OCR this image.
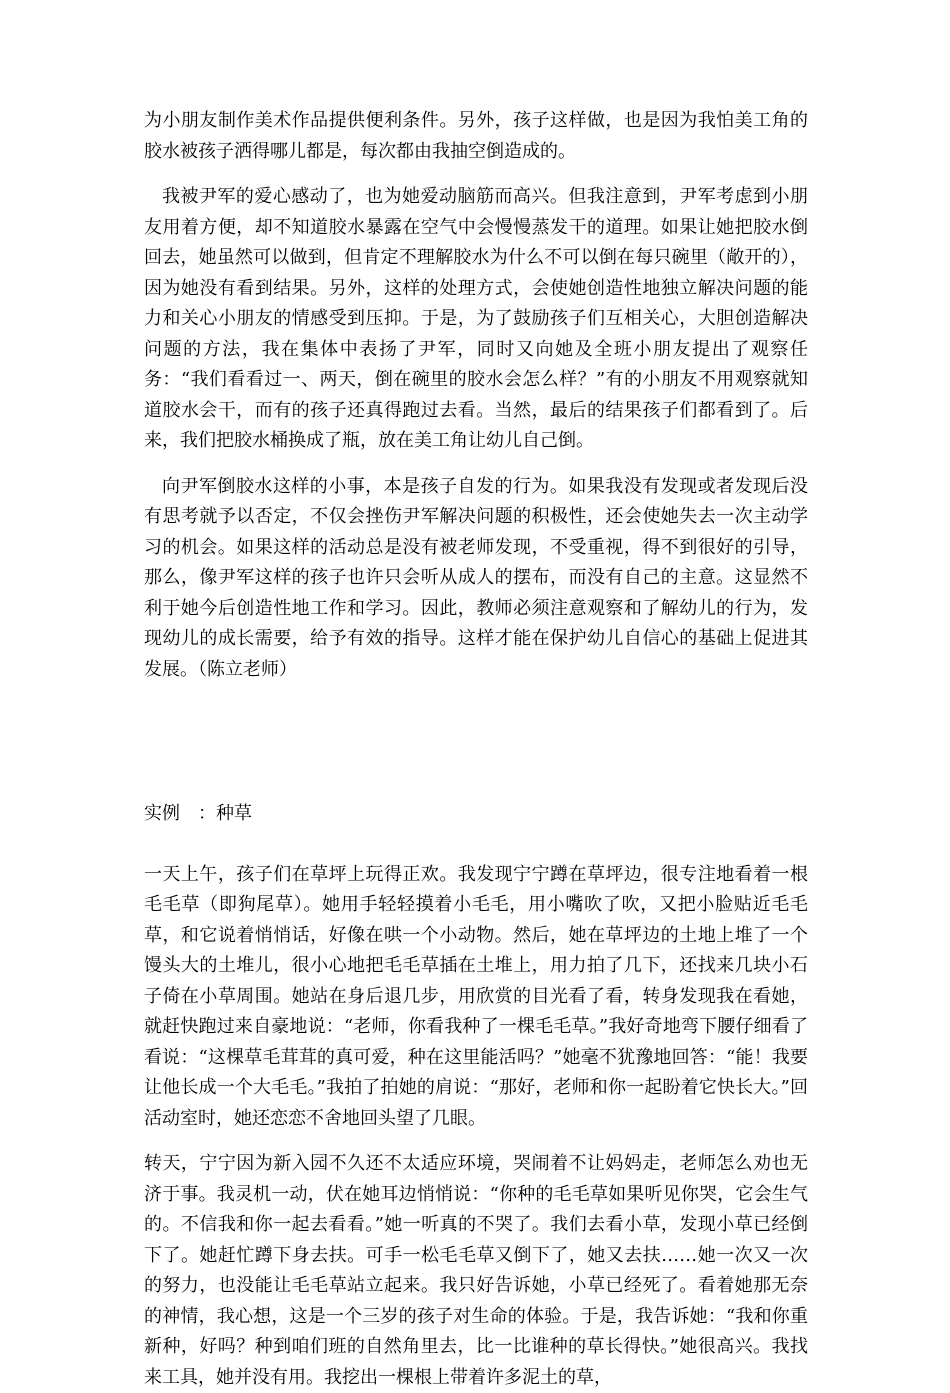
为小朋友制作美术作品提供便利条件。另外，孩子这样做，也是因为我怕美工角的胶水被孩子洒得哪儿都是，每次都由我抽空倒造成的。

我被尹军的爱心感动了，也为她爱动脑筋而高兴。但我注意到，尹军考虑到小朋友用着方便，却不知道胶水暴露在空气中会慢慢蒸发干的道理。如果让她把胶水倒回去，她虽然可以做到，但肯定不理解胶水为什么不可以倒在每只碗里（敞开的），因为她没有看到结果。另外，这样的处理方式，会使她创造性地独立解决问题的能力和关心小朋友的情感受到压抑。于是，为了鼓励孩子们互相关心，大胆创造解决问题的方法，我在集体中表扬了尹军，同时又向她及全班小朋友提出了观察任务：“我们看看过一、两天，倒在碗里的胶水会怎么样？”有的小朋友不用观察就知道胶水会干，而有的孩子还真得跑过去看。当然，最后的结果孩子们都看到了。后来，我们把胶水桶换成了瓶，放在美工角让幼儿自己倒。

向尹军倒胶水这样的小事，本是孩子自发的行为。如果我没有发现或者发现后没有思考就予以否定，不仅会挫伤尹军解决问题的积极性，还会使她失去一次主动学习的机会。如果这样的活动总是没有被老师发现，不受重视，得不到很好的引导，那么，像尹军这样的孩子也许只会听从成人的摆布，而没有自己的主意。这显然不利于她今后创造性地工作和学习。因此，教师必须注意观察和了解幼儿的行为，发现幼儿的成长需要，给予有效的指导。这样才能在保护幼儿自信心的基础上促进其发展。（陈立老师）

实例　：种草

一天上午，孩子们在草坪上玩得正欢。我发现宁宁蹲在草坪边，很专注地看着一根毛毛草（即狗尾草）。她用手轻轻摸着小毛毛，用小嘴吹了吹，又把小脸贴近毛毛草，和它说着悄悄话，好像在哄一个小动物。然后，她在草坪边的土地上堆了一个馒头大的土堆儿，很小心地把毛毛草插在土堆上，用力拍了几下，还找来几块小石子倚在小草周围。她站在身后退几步，用欣赏的目光看了看，转身发现我在看她，就赶快跑过来自豪地说：“老师，你看我种了一棵毛毛草。”我好奇地弯下腰仔细看了看说：“这棵草毛茸茸的真可爱，种在这里能活吗？”她毫不犹豫地回答：“能！我要让他长成一个大毛毛。”我拍了拍她的肩说：“那好，老师和你一起盼着它快长大。”回活动室时，她还恋恋不舍地回头望了几眼。

转天，宁宁因为新入园不久还不太适应环境，哭闹着不让妈妈走，老师怎么劝也无济于事。我灵机一动，伏在她耳边悄悄说：“你种的毛毛草如果听见你哭，它会生气的。不信我和你一起去看看。”她一听真的不哭了。我们去看小草，发现小草已经倒下了。她赶忙蹲下身去扶。可手一松毛毛草又倒下了，她又去扶……她一次又一次的努力，也没能让毛毛草站立起来。我只好告诉她，小草已经死了。看着她那无奈的神情，我心想，这是一个三岁的孩子对生命的体验。于是，我告诉她：“我和你重新种，好吗？种到咱们班的自然角里去，比一比谁种的草长得快。”她很高兴。我找来工具，她并没有用。我挖出一棵根上带着许多泥土的草，
